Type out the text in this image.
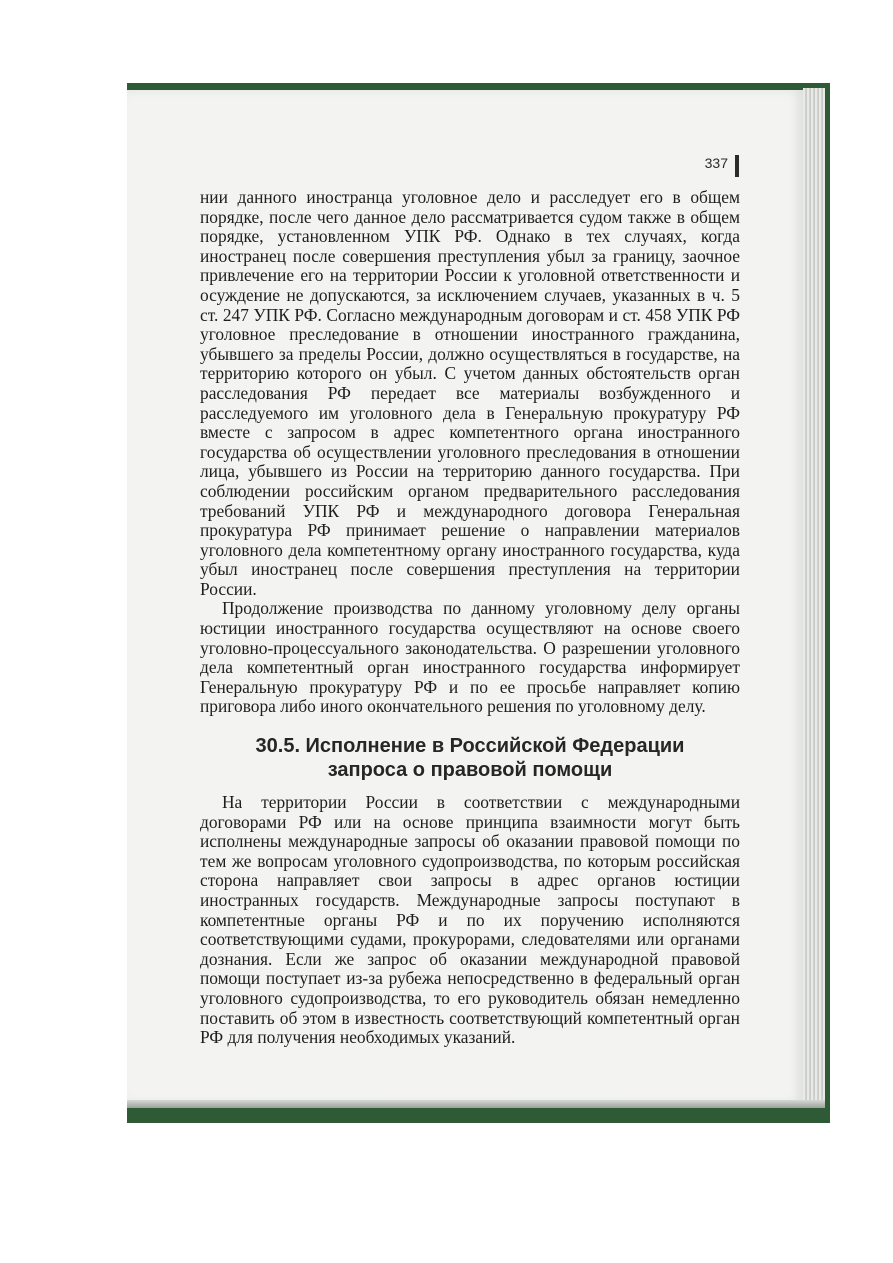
337

нии данного иностранца уголовное дело и расследует его в общем порядке, после чего данное дело рассматривается судом также в общем порядке, установленном УПК РФ. Однако в тех случаях, когда иностранец после совершения преступления убыл за границу, заочное привлечение его на территории России к уголовной ответственности и осуждение не допускаются, за исключением случаев, указанных в ч. 5 ст. 247 УПК РФ. Согласно международным договорам и ст. 458 УПК РФ уголовное преследование в отношении иностранного гражданина, убывшего за пределы России, должно осуществляться в государстве, на территорию которого он убыл. С учетом данных обстоятельств орган расследования РФ передает все материалы возбужденного и расследуемого им уголовного дела в Генеральную прокуратуру РФ вместе с запросом в адрес компетентного органа иностранного государства об осуществлении уголовного преследования в отношении лица, убывшего из России на территорию данного государства. При соблюдении российским органом предварительного расследования требований УПК РФ и международного договора Генеральная прокуратура РФ принимает решение о направлении материалов уголовного дела компетентному органу иностранного государства, куда убыл иностранец после совершения преступления на территории России.

Продолжение производства по данному уголовному делу органы юстиции иностранного государства осуществляют на основе своего уголовно-процессуального законодательства. О разрешении уголовного дела компетентный орган иностранного государства информирует Генеральную прокуратуру РФ и по ее просьбе направляет копию приговора либо иного окончательного решения по уголовному делу.

30.5. Исполнение в Российской Федерации
запроса о правовой помощи

На территории России в соответствии с международными договорами РФ или на основе принципа взаимности могут быть исполнены международные запросы об оказании правовой помощи по тем же вопросам уголовного судопроизводства, по которым российская сторона направляет свои запросы в адрес органов юстиции иностранных государств. Международные запросы поступают в компетентные органы РФ и по их поручению исполняются соответствующими судами, прокурорами, следователями или органами дознания. Если же запрос об оказании международной правовой помощи поступает из-за рубежа непосредственно в федеральный орган уголовного судопроизводства, то его руководитель обязан немедленно поставить об этом в известность соответствующий компетентный орган РФ для получения необходимых указаний.
